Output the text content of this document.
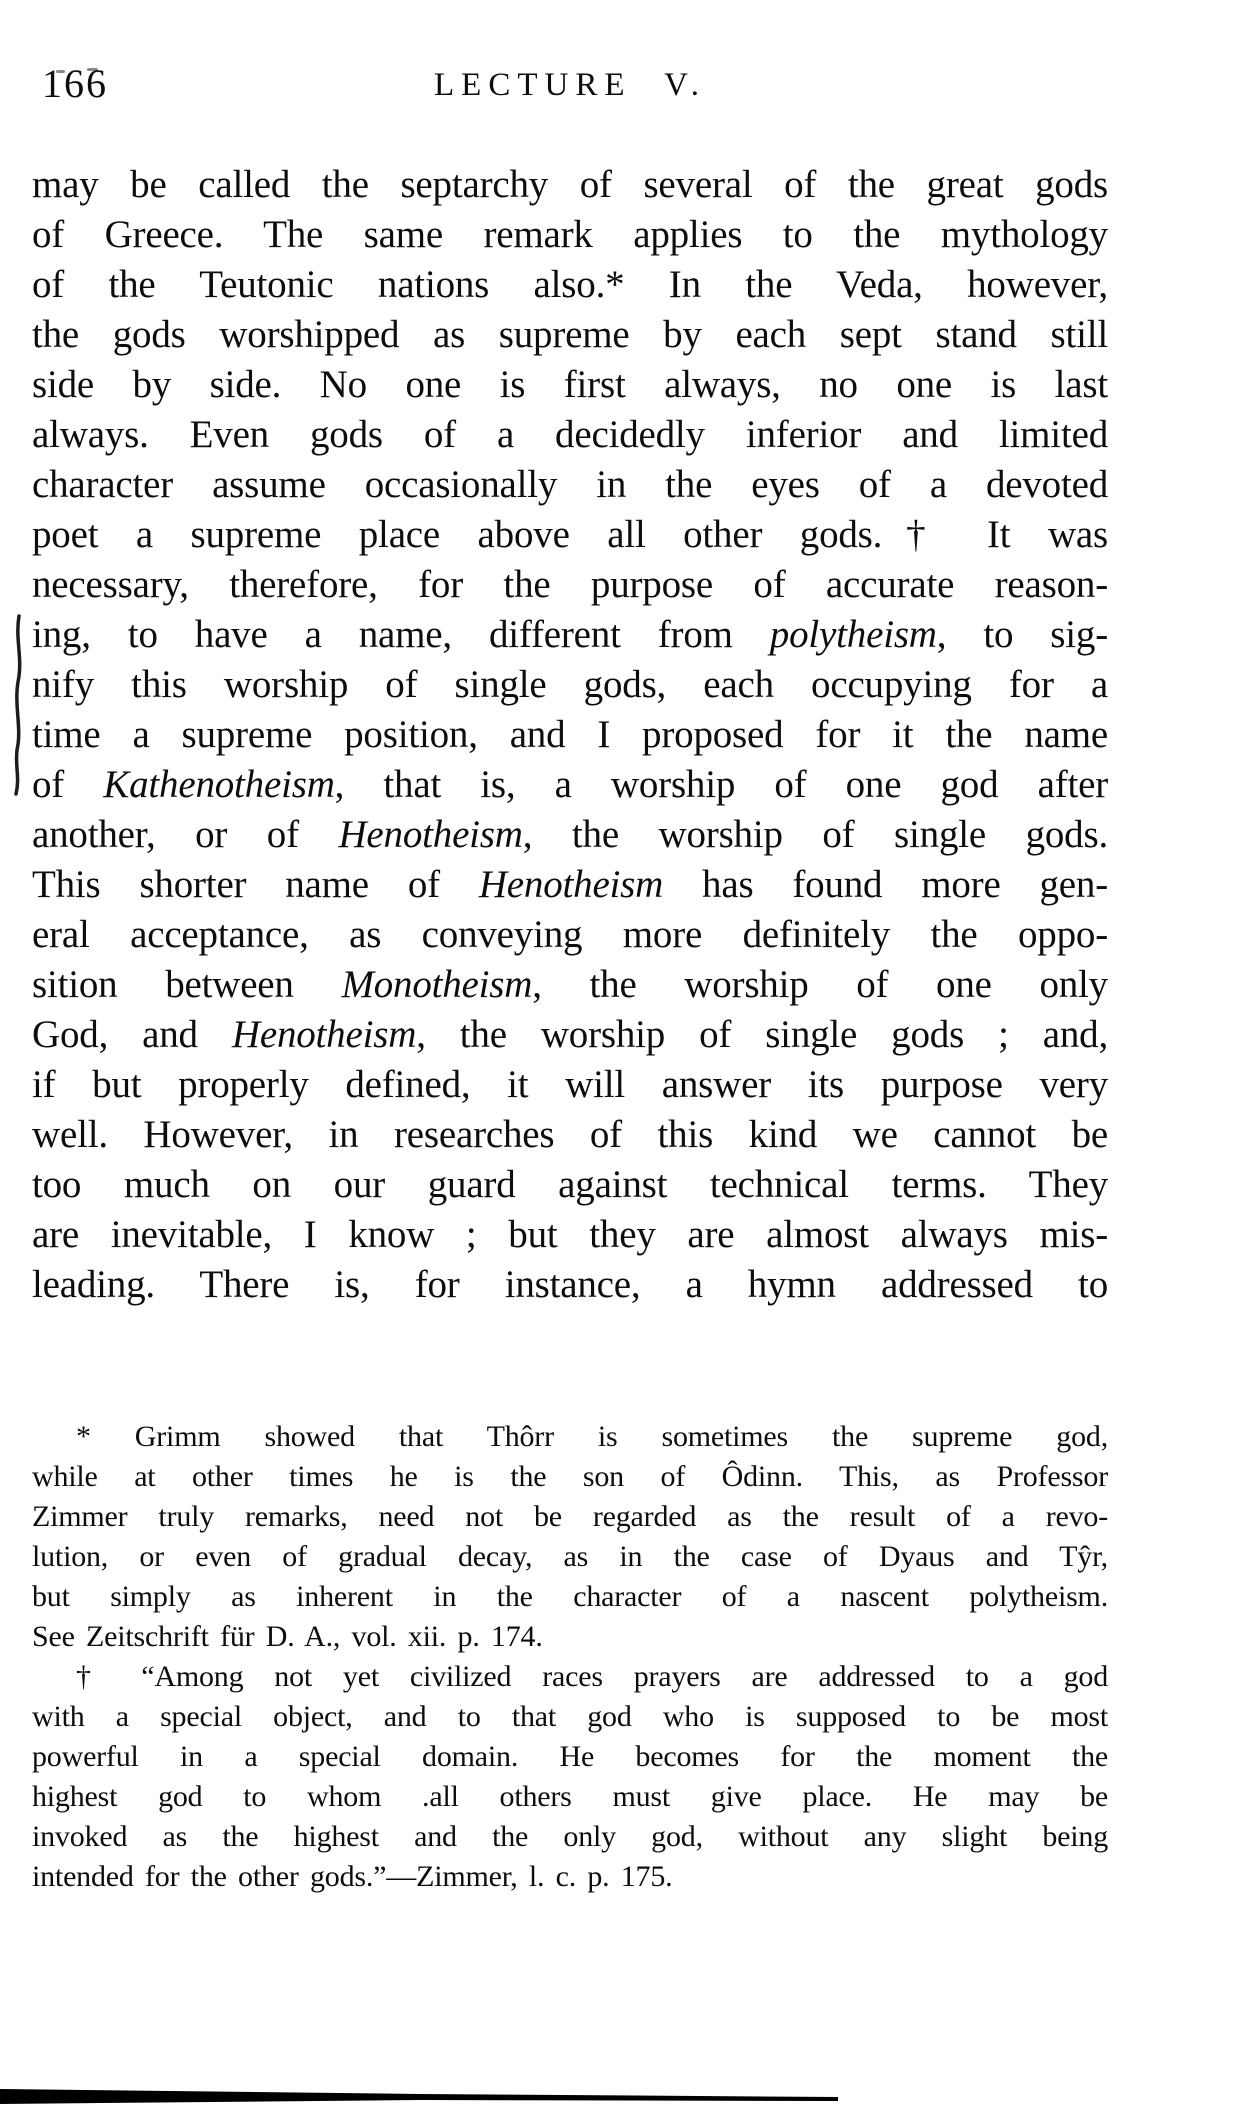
166	LECTURE V.
may be called the septarchy of several of the great gods
of Greece. The same remark applies to the mythology
of the Teutonic nations also.* In the Veda, however,
the gods worshipped as supreme by each sept stand still
side by side. No one is first always, no one is last
always. Even gods of a decidedly inferior and limited
character assume occasionally in the eyes of a devoted
poet a supreme place above all other gods.† It was
necessary, therefore, for the purpose of accurate reason-
ing, to have a name, different from polytheism, to sig-
nify this worship of single gods, each occupying for a
time a supreme position, and I proposed for it the name
of Kathenotheism, that is, a worship of one god after
another, or of Henotheism, the worship of single gods.
This shorter name of Henotheism has found more gen-
eral acceptance, as conveying more definitely the oppo-
sition between Monotheism, the worship of one only
God, and Henotheism, the worship of single gods ; and,
if but properly defined, it will answer its purpose very
well. However, in researches of this kind we cannot be
too much on our guard against technical terms. They
are inevitable, I know ; but they are almost always mis-
leading. There is, for instance, a hymn addressed to
* Grimm showed that Thôrr is sometimes the supreme god,
while at other times he is the son of Ôdinn. This, as Professor
Zimmer truly remarks, need not be regarded as the result of a revo-
lution, or even of gradual decay, as in the case of Dyaus and Tŷr,
but simply as inherent in the character of a nascent polytheism.
See Zeitschrift für D. A., vol. xii. p. 174.
† “Among not yet civilized races prayers are addressed to a god
with a special object, and to that god who is supposed to be most
powerful in a special domain. He becomes for the moment the
highest god to whom .all others must give place. He may be
invoked as the highest and the only god, without any slight being
intended for the other gods.”—Zimmer, l. c. p. 175.
